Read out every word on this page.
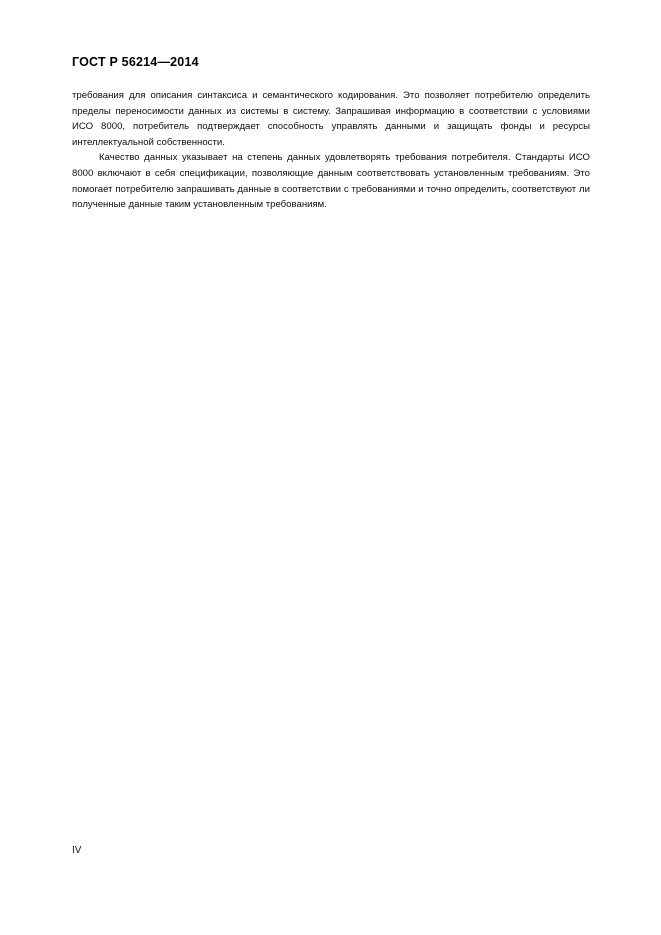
ГОСТ Р 56214—2014

требования для описания синтаксиса и семантического кодирования. Это позволяет потребителю определить пределы переносимости данных из системы в систему. Запрашивая информацию в соответствии с условиями ИСО 8000, потребитель подтверждает способность управлять данными и защищать фонды и ресурсы интеллектуальной собственности.

Качество данных указывает на степень данных удовлетворять требования потребителя. Стандарты ИСО 8000 включают в себя спецификации, позволяющие данным соответствовать установленным требованиям. Это помогает потребителю запрашивать данные в соответствии с требованиями и точно определить, соответствуют ли полученные данные таким установленным требованиям.

IV
